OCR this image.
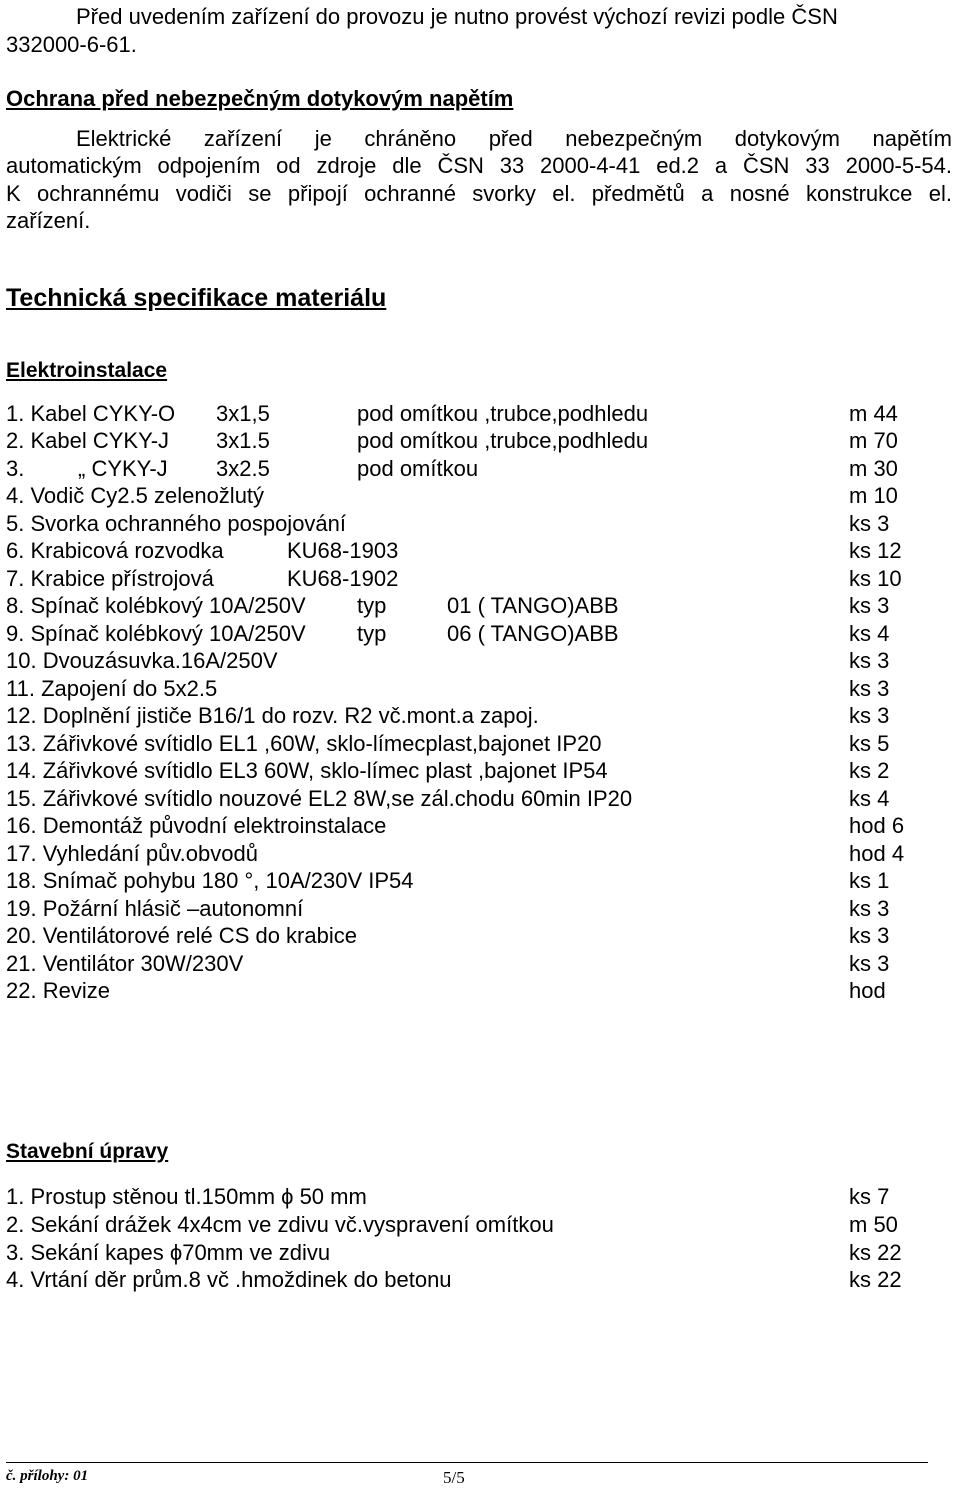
Před uvedením zařízení do provozu je nutno provést výchozí revizi podle ČSN
332000-6-61.
Ochrana před nebezpečným dotykovým napětím
Elektrické zařízení je chráněno před nebezpečným dotykovým napětím
automatickým odpojením od zdroje dle ČSN 33 2000-4-41 ed.2 a ČSN 33 2000-5-54.
K ochrannému vodiči se připojí ochranné svorky el. předmětů a nosné konstrukce el.
zařízení.
Technická specifikace materiálu
Elektroinstalace
1. Kabel CYKY-O 3x1,5	pod omítkou ,trubce,podhledu	m 44
2. Kabel CYKY-J 3x1.5	pod omítkou ,trubce,podhledu	m 70
3. „ CYKY-J 3x2.5	pod omítkou	m 30
4. Vodič Cy2.5 zelenožlutý	m 10
5. Svorka ochranného pospojování	ks 3
6. Krabicová rozvodka	KU68-1903	ks 12
7. Krabice přístrojová	KU68-1902	ks 10
8. Spínač kolébkový 10A/250V typ	01 ( TANGO)ABB	ks 3
9. Spínač kolébkový 10A/250V typ	06 ( TANGO)ABB	ks 4
10. Dvouzásuvka.16A/250V	ks 3
11. Zapojení do 5x2.5	ks 3
12. Doplnění jističe B16/1 do rozv. R2 vč.mont.a zapoj.	ks 3
13. Zářivkové svítidlo EL1 ,60W, sklo-límecplast,bajonet IP20	ks 5
14. Zářivkové svítidlo EL3 60W, sklo-límec plast ,bajonet IP54	ks 2
15. Zářivkové svítidlo nouzové EL2 8W,se zál.chodu 60min IP20	ks 4
16. Demontáž původní elektroinstalace	hod 6
17. Vyhledání pův.obvodů	hod 4
18. Snímač pohybu 180 °, 10A/230V IP54	ks 1
19. Požární hlásič –autonomní	ks 3
20. Ventilátorové relé CS do krabice	ks 3
21. Ventilátor 30W/230V	ks 3
22. Revize	hod
Stavební úpravy
1. Prostup stěnou tl.150mm ϕ 50 mm	ks 7
2. Sekání drážek 4x4cm ve zdivu vč.vyspravení omítkou	m 50
3. Sekání kapes ϕ70mm ve zdivu	ks 22
4. Vrtání děr prům.8 vč .hmoždinek do betonu	ks 22
č. přílohy: 01	5/5
